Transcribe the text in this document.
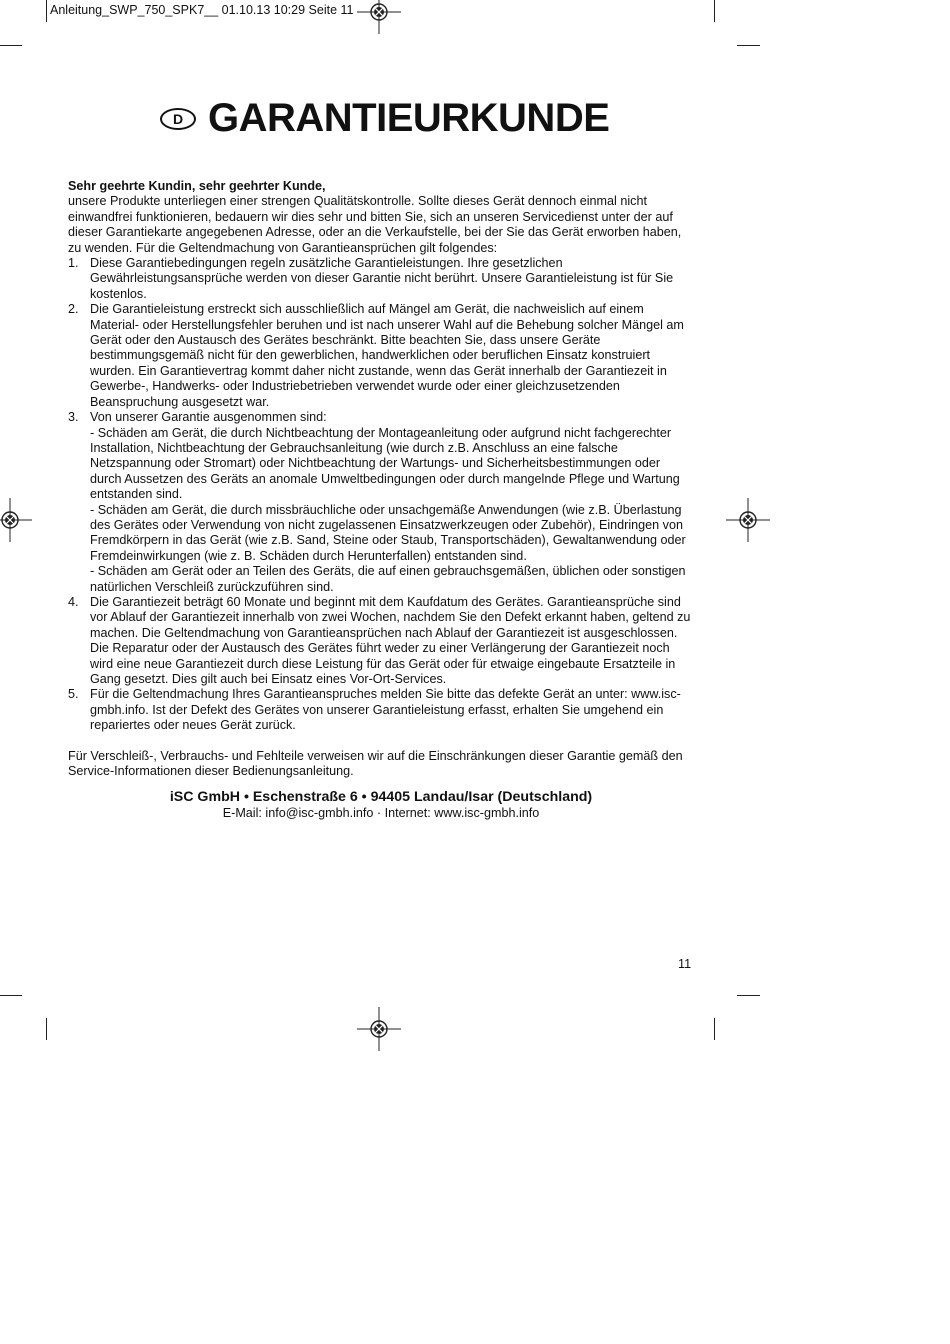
Anleitung_SWP_750_SPK7__ 01.10.13 10:29 Seite 11
D GARANTIEURKUNDE

Sehr geehrte Kundin, sehr geehrter Kunde,

unsere Produkte unterliegen einer strengen Qualitätskontrolle. Sollte dieses Gerät dennoch einmal nicht einwandfrei funktionieren, bedauern wir dies sehr und bitten Sie, sich an unseren Servicedienst unter der auf dieser Garantiekarte angegebenen Adresse, oder an die Verkaufstelle, bei der Sie das Gerät erworben haben, zu wenden. Für die Geltendmachung von Garantieansprüchen gilt folgendes:

1. Diese Garantiebedingungen regeln zusätzliche Garantieleistungen. Ihre gesetzlichen Gewährleistungsansprüche werden von dieser Garantie nicht berührt. Unsere Garantieleistung ist für Sie kostenlos.

2. Die Garantieleistung erstreckt sich ausschließlich auf Mängel am Gerät, die nachweislich auf einem Material- oder Herstellungsfehler beruhen und ist nach unserer Wahl auf die Behebung solcher Mängel am Gerät oder den Austausch des Gerätes beschränkt. Bitte beachten Sie, dass unsere Geräte bestimmungsgemäß nicht für den gewerblichen, handwerklichen oder beruflichen Einsatz konstruiert wurden. Ein Garantievertrag kommt daher nicht zustande, wenn das Gerät innerhalb der Garantiezeit in Gewerbe-, Handwerks- oder Industriebetrieben verwendet wurde oder einer gleichzusetzenden Beanspruchung ausgesetzt war.

3. Von unserer Garantie ausgenommen sind:

- Schäden am Gerät, die durch Nichtbeachtung der Montageanleitung oder aufgrund nicht fachgerechter Installation, Nichtbeachtung der Gebrauchsanleitung (wie durch z.B. Anschluss an eine falsche Netzspannung oder Stromart) oder Nichtbeachtung der Wartungs- und Sicherheitsbestimmungen oder durch Aussetzen des Geräts an anomale Umweltbedingungen oder durch mangelnde Pflege und Wartung entstanden sind.

- Schäden am Gerät, die durch missbräuchliche oder unsachgemäße Anwendungen (wie z.B. Überlastung des Gerätes oder Verwendung von nicht zugelassenen Einsatzwerkzeugen oder Zubehör), Eindringen von Fremdkörpern in das Gerät (wie z.B. Sand, Steine oder Staub, Transportschäden), Gewaltanwendung oder Fremdeinwirkungen (wie z. B. Schäden durch Herunterfallen) entstanden sind.

- Schäden am Gerät oder an Teilen des Geräts, die auf einen gebrauchsgemäßen, üblichen oder sonstigen natürlichen Verschleiß zurückzuführen sind.

4. Die Garantiezeit beträgt 60 Monate und beginnt mit dem Kaufdatum des Gerätes. Garantieansprüche sind vor Ablauf der Garantiezeit innerhalb von zwei Wochen, nachdem Sie den Defekt erkannt haben, geltend zu machen. Die Geltendmachung von Garantieansprüchen nach Ablauf der Garantiezeit ist ausgeschlossen. Die Reparatur oder der Austausch des Gerätes führt weder zu einer Verlängerung der Garantiezeit noch wird eine neue Garantiezeit durch diese Leistung für das Gerät oder für etwaige eingebaute Ersatzteile in Gang gesetzt. Dies gilt auch bei Einsatz eines Vor-Ort-Services.

5. Für die Geltendmachung Ihres Garantieanspruches melden Sie bitte das defekte Gerät an unter: www.isc-gmbh.info. Ist der Defekt des Gerätes von unserer Garantieleistung erfasst, erhalten Sie umgehend ein repariertes oder neues Gerät zurück.

Für Verschleiß-, Verbrauchs- und Fehlteile verweisen wir auf die Einschränkungen dieser Garantie gemäß den Service-Informationen dieser Bedienungsanleitung.

iSC GmbH • Eschenstraße 6 • 94405 Landau/Isar (Deutschland)
E-Mail: info@isc-gmbh.info · Internet: www.isc-gmbh.info
11
